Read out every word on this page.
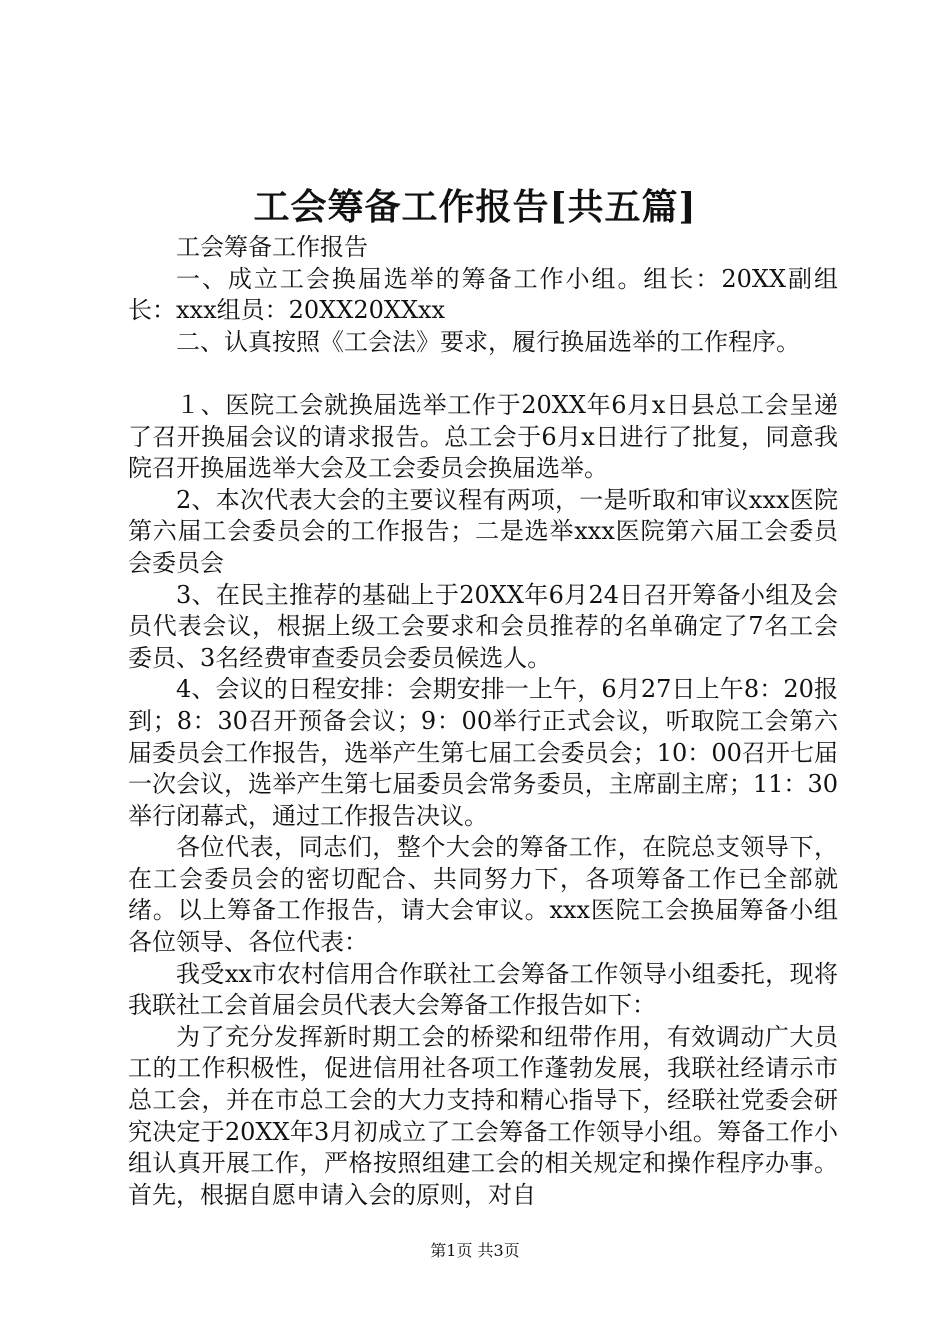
工会筹备工作报告[共五篇]

工会筹备工作报告

一、成立工会换届选举的筹备工作小组。组长：20XX副组长：xxx组员：20XX20XXxx

二、认真按照《工会法》要求，履行换届选举的工作程序。

１、医院工会就换届选举工作于20XX年6月x日县总工会呈递了召开换届会议的请求报告。总工会于6月x日进行了批复，同意我院召开换届选举大会及工会委员会换届选举。

2、本次代表大会的主要议程有两项，一是听取和审议xxx医院第六届工会委员会的工作报告；二是选举xxx医院第六届工会委员会委员会

3、在民主推荐的基础上于20XX年6月24日召开筹备小组及会员代表会议，根据上级工会要求和会员推荐的名单确定了7名工会委员、3名经费审查委员会委员候选人。

4、会议的日程安排：会期安排一上午，6月27日上午8：20报到；8：30召开预备会议；9：00举行正式会议，听取院工会第六届委员会工作报告，选举产生第七届工会委员会；10：00召开七届一次会议，选举产生第七届委员会常务委员，主席副主席；11：30举行闭幕式，通过工作报告决议。

各位代表，同志们，整个大会的筹备工作，在院总支领导下，在工会委员会的密切配合、共同努力下，各项筹备工作已全部就绪。以上筹备工作报告，请大会审议。xxx医院工会换届筹备小组各位领导、各位代表：

我受xx市农村信用合作联社工会筹备工作领导小组委托，现将我联社工会首届会员代表大会筹备工作报告如下：

为了充分发挥新时期工会的桥梁和纽带作用，有效调动广大员工的工作积极性，促进信用社各项工作蓬勃发展，我联社经请示市总工会，并在市总工会的大力支持和精心指导下，经联社党委会研究决定于20XX年3月初成立了工会筹备工作领导小组。筹备工作小组认真开展工作，严格按照组建工会的相关规定和操作程序办事。首先，根据自愿申请入会的原则，对自

第1页 共3页
